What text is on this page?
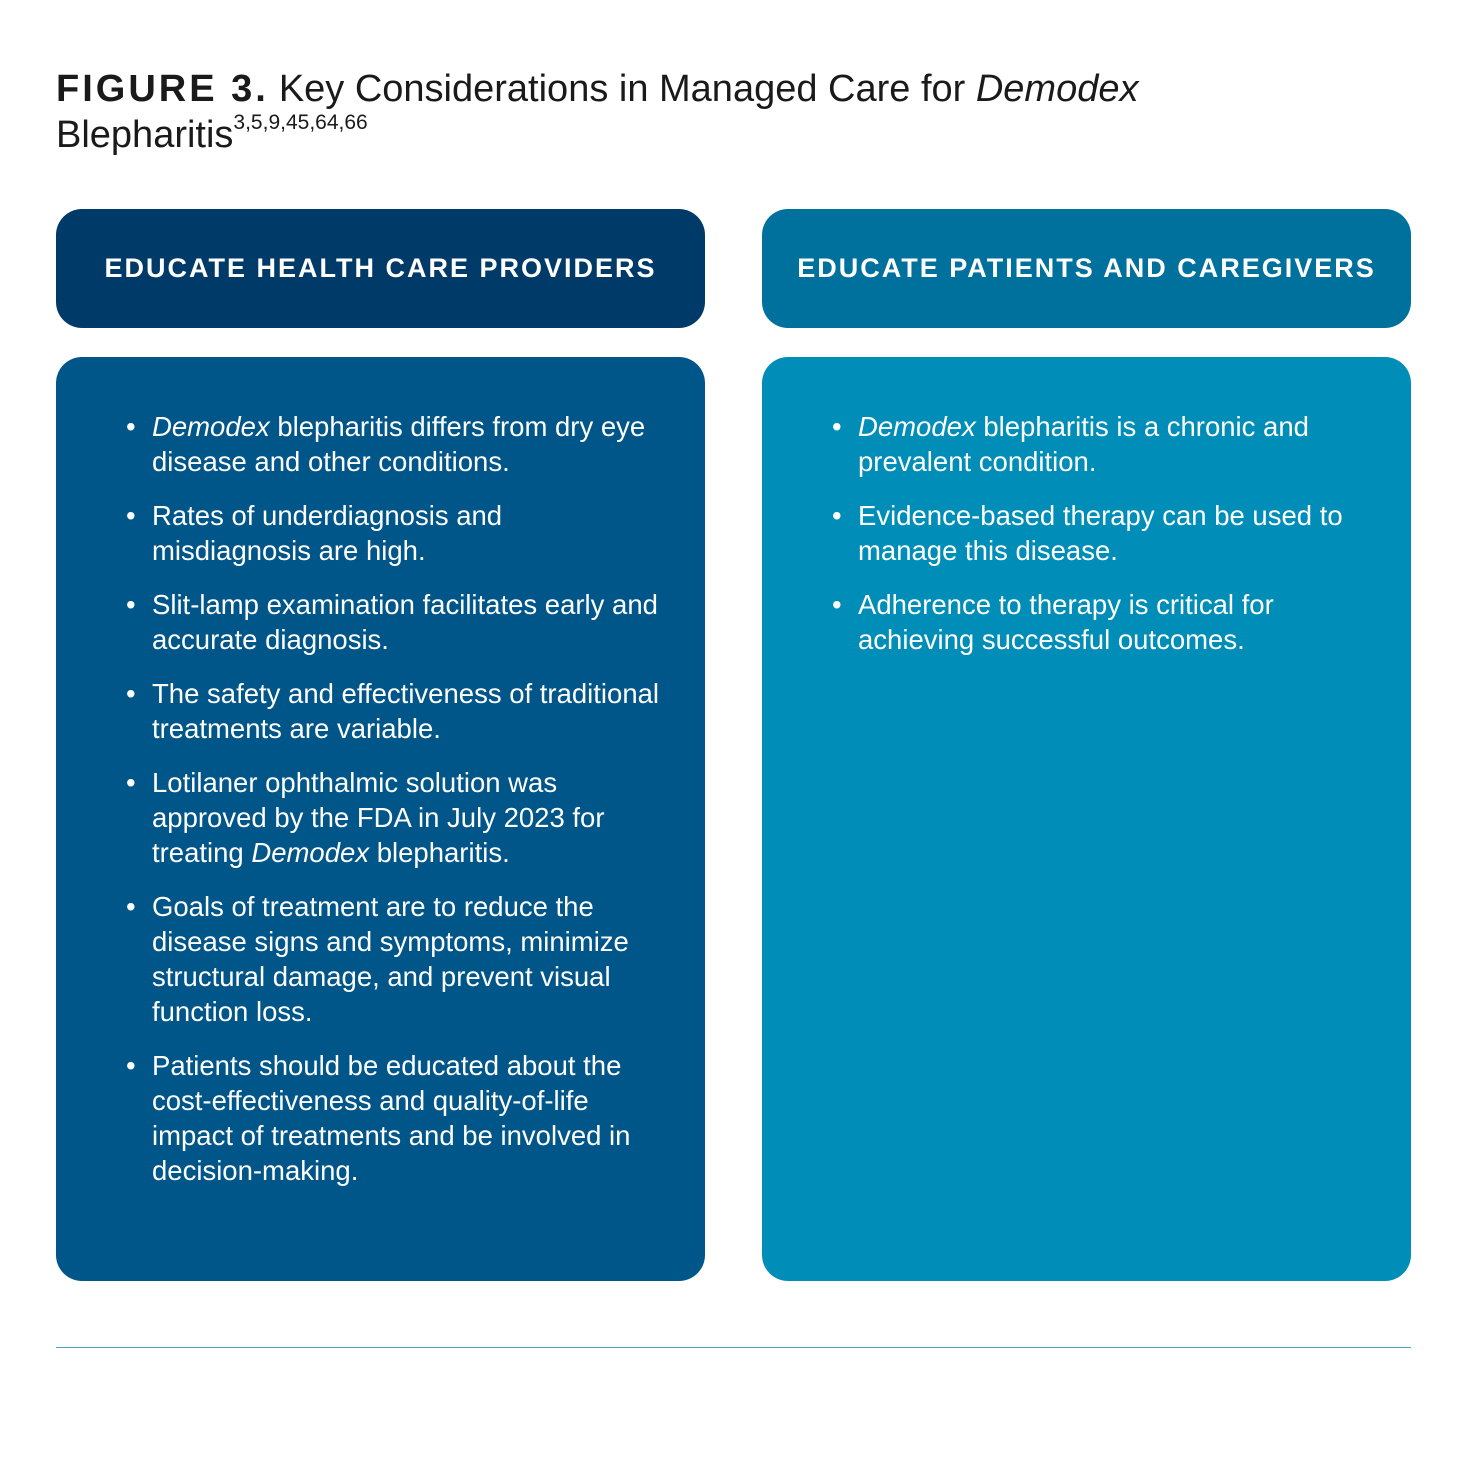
FIGURE 3. Key Considerations in Managed Care for Demodex Blepharitis$^{3,5,9,45,64,66}$
EDUCATE HEALTH CARE PROVIDERS	EDUCATE PATIENTS AND CAREGIVERS
• Demodex blepharitis differs from dry eye disease and other conditions.
• Rates of underdiagnosis and misdiagnosis are high.
• Slit-lamp examination facilitates early and accurate diagnosis.
• The safety and effectiveness of traditional treatments are variable.
• Lotilaner ophthalmic solution was approved by the FDA in July 2023 for treating Demodex blepharitis.
• Goals of treatment are to reduce the disease signs and symptoms, minimize structural damage, and prevent visual function loss.
• Patients should be educated about the cost-effectiveness and quality-of-life impact of treatments and be involved in decision-making.
• Demodex blepharitis is a chronic and prevalent condition.
• Evidence-based therapy can be used to manage this disease.
• Adherence to therapy is critical for achieving successful outcomes.
